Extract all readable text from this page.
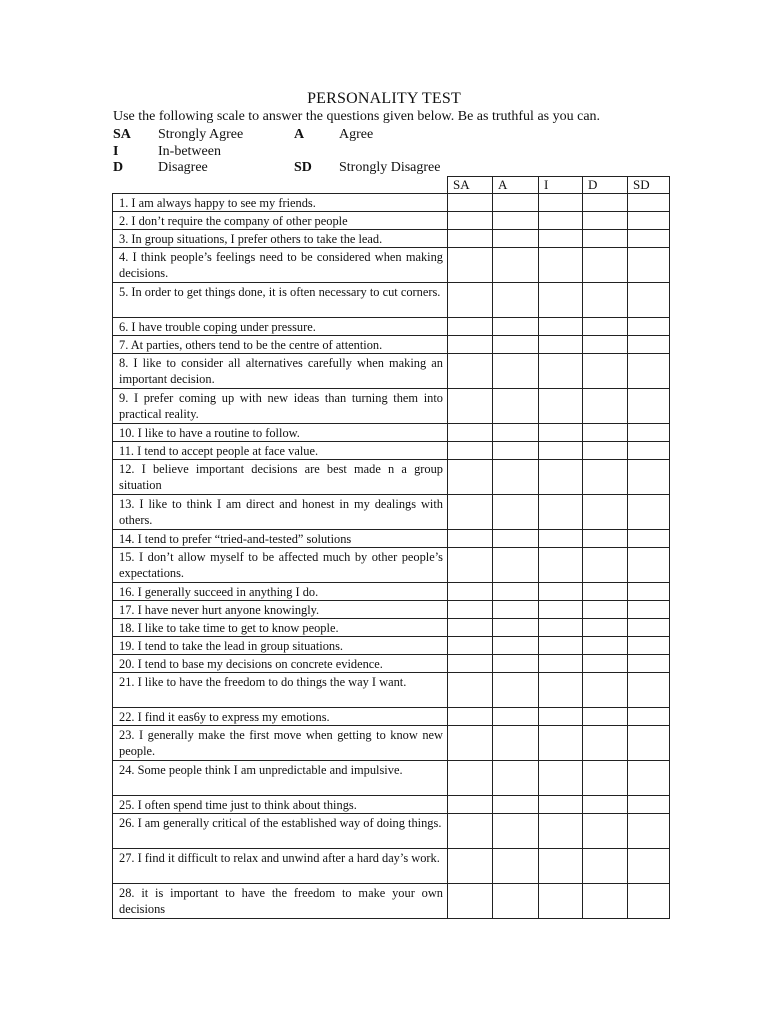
PERSONALITY TEST
Use the following scale to answer the questions given below. Be as truthful as you can.
SA Strongly Agree	A Agree
I	In-between
D Disagree	SD Strongly Disagree
	SA	A	I	D	SD
1. I am always happy to see my friends.					
2. I don’t require the company of other people					
3. In group situations, I prefer others to take the lead.					
4. I think people’s feelings need to be considered when making decisions.					
5. In order to get things done, it is often necessary to cut corners.					
6. I have trouble coping under pressure.					
7. At parties, others tend to be the centre of attention.					
8. I like to consider all alternatives carefully when making an important decision.					
9. I prefer coming up with new ideas than turning them into practical reality.					
10. I like to have a routine to follow.					
11. I tend to accept people at face value.					
12. I believe important decisions are best made n a group situation					
13. I like to think I am direct and honest in my dealings with others.					
14. I tend to prefer “tried-and-tested” solutions					
15. I don’t allow myself to be affected much by other people’s expectations.					
16. I generally succeed in anything I do.					
17. I have never hurt anyone knowingly.					
18. I like to take time to get to know people.					
19. I tend to take the lead in group situations.					
20. I tend to base my decisions on concrete evidence.					
21. I like to have the freedom to do things the way I want.					
22. I find it eas6y to express my emotions.					
23. I generally make the first move when getting to know new people.					
24. Some people think I am unpredictable and impulsive.					
25. I often spend time just to think about things.					
26. I am generally critical of the established way of doing things.					
27. I find it difficult to relax and unwind after a hard day’s work.					
28. it is important to have the freedom to make your own decisions					
